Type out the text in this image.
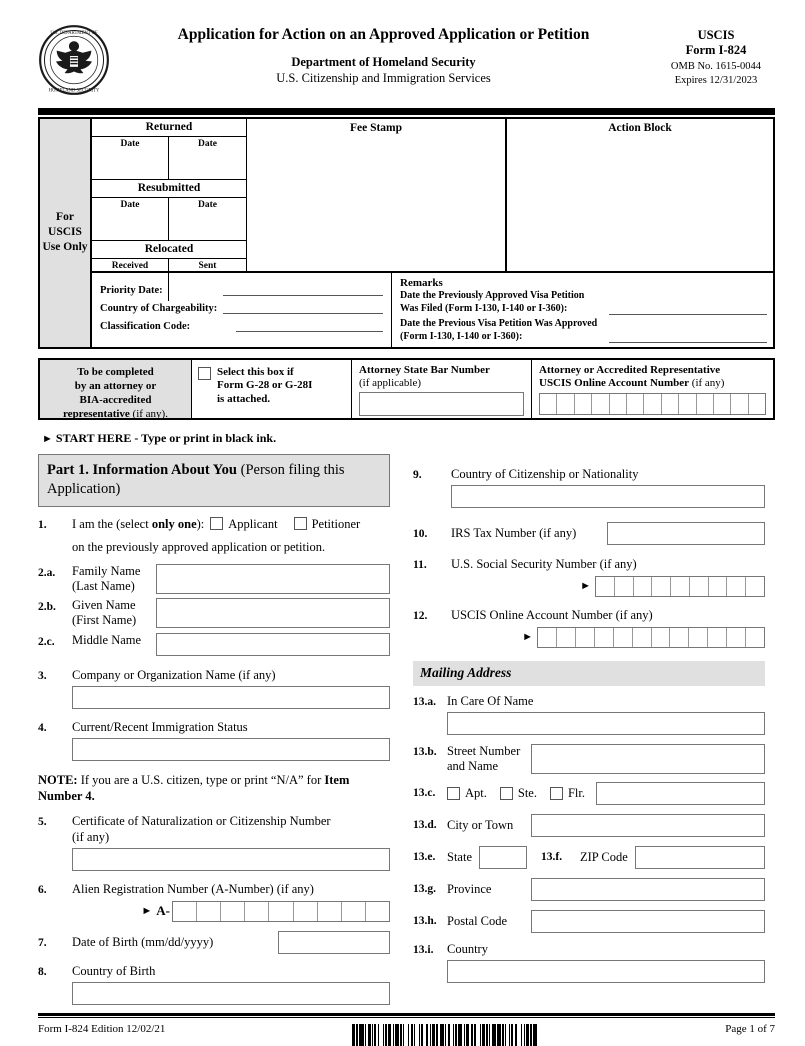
U.S. DEPARTMENT OF
HOMELAND SECURITY
Application for Action on an Approved Application or Petition
Department of Homeland Security
U.S. Citizenship and Immigration Services
USCIS
Form I-824
OMB No. 1615-0044
Expires 12/31/2023
For USCIS Use Only
Returned
Date	Date
Resubmitted
Date	Date
Relocated
Received	Sent
Fee Stamp	Action Block
Priority Date:
Country of Chargeability:
Classification Code:
Remarks
Date the Previously Approved Visa Petition
Was Filed (Form I-130, I-140 or I-360):
Date the Previous Visa Petition Was Approved
(Form I-130, I-140 or I-360):
To be completed
by an attorney or
BIA-accredited
representative (if any).
Select this box if
Form G-28 or G-28I
is attached.
Attorney State Bar Number
(if applicable)
Attorney or Accredited Representative
USCIS Online Account Number (if any)
► START HERE - Type or print in black ink.
Part 1. Information About You (Person filing this Application)
1.	I am the (select only one): Applicant	Petitioner
on the previously approved application or petition.
2.a.	Family Name
(Last Name)
2.b.	Given Name
(First Name)
2.c.	Middle Name
3.	Company or Organization Name (if any)
4.	Current/Recent Immigration Status
NOTE: If you are a U.S. citizen, type or print “N/A” for Item Number 4.
5.	Certificate of Naturalization or Citizenship Number
(if any)
6.	Alien Registration Number (A-Number) (if any)
► A-
7.	Date of Birth (mm/dd/yyyy)
8.	Country of Birth
9.	Country of Citizenship or Nationality
10.	IRS Tax Number (if any)
11.	U.S. Social Security Number (if any)
►
12.	USCIS Online Account Number (if any)
►
Mailing Address
13.a. In Care Of Name
13.b. Street Number
and Name
13.c.	Apt. Ste. Flr.
13.d. City or Town
13.e. State	13.f.	ZIP Code
13.g. Province
13.h. Postal Code
13.i.	Country
Form I-824 Edition 12/02/21	Page 1 of 7
